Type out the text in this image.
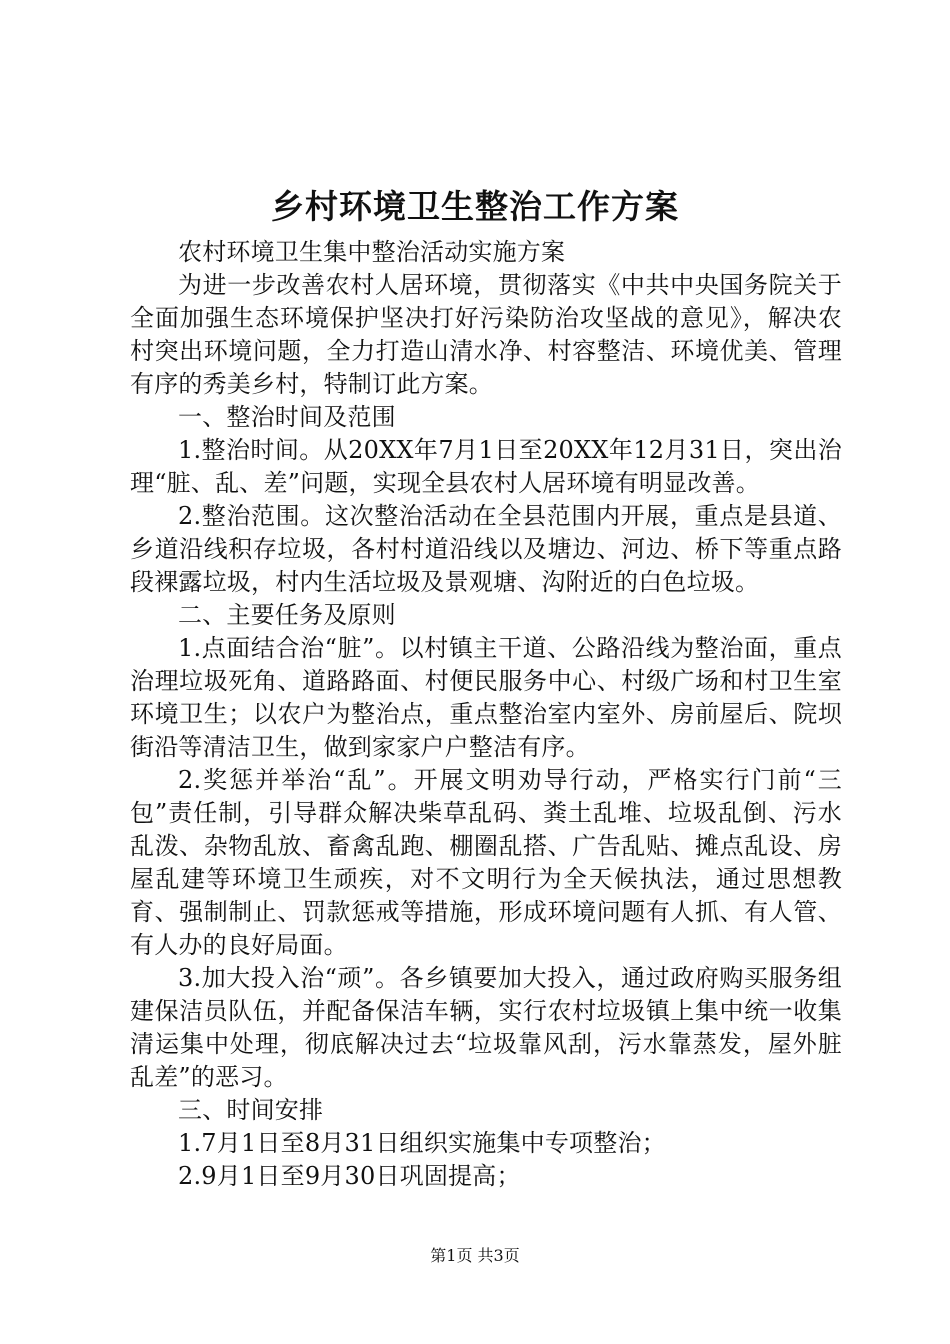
乡村环境卫生整治工作方案

农村环境卫生集中整治活动实施方案

为进一步改善农村人居环境，贯彻落实《中共中央国务院关于全面加强生态环境保护坚决打好污染防治攻坚战的意见》，解决农村突出环境问题，全力打造山清水净、村容整洁、环境优美、管理有序的秀美乡村，特制订此方案。

一、整治时间及范围

1.整治时间。从20XX年7月1日至20XX年12月31日，突出治理“脏、乱、差”问题，实现全县农村人居环境有明显改善。

2.整治范围。这次整治活动在全县范围内开展，重点是县道、乡道沿线积存垃圾，各村村道沿线以及塘边、河边、桥下等重点路段裸露垃圾，村内生活垃圾及景观塘、沟附近的白色垃圾。

二、主要任务及原则

1.点面结合治“脏”。以村镇主干道、公路沿线为整治面，重点治理垃圾死角、道路路面、村便民服务中心、村级广场和村卫生室环境卫生；以农户为整治点，重点整治室内室外、房前屋后、院坝街沿等清洁卫生，做到家家户户整洁有序。

2.奖惩并举治“乱”。开展文明劝导行动，严格实行门前“三包”责任制，引导群众解决柴草乱码、粪土乱堆、垃圾乱倒、污水乱泼、杂物乱放、畜禽乱跑、棚圈乱搭、广告乱贴、摊点乱设、房屋乱建等环境卫生顽疾，对不文明行为全天候执法，通过思想教育、强制制止、罚款惩戒等措施，形成环境问题有人抓、有人管、有人办的良好局面。

3.加大投入治“顽”。各乡镇要加大投入，通过政府购买服务组建保洁员队伍，并配备保洁车辆，实行农村垃圾镇上集中统一收集清运集中处理，彻底解决过去“垃圾靠风刮，污水靠蒸发，屋外脏乱差”的恶习。

三、时间安排

1.7月1日至8月31日组织实施集中专项整治；

2.9月1日至9月30日巩固提高；

第1页 共3页
